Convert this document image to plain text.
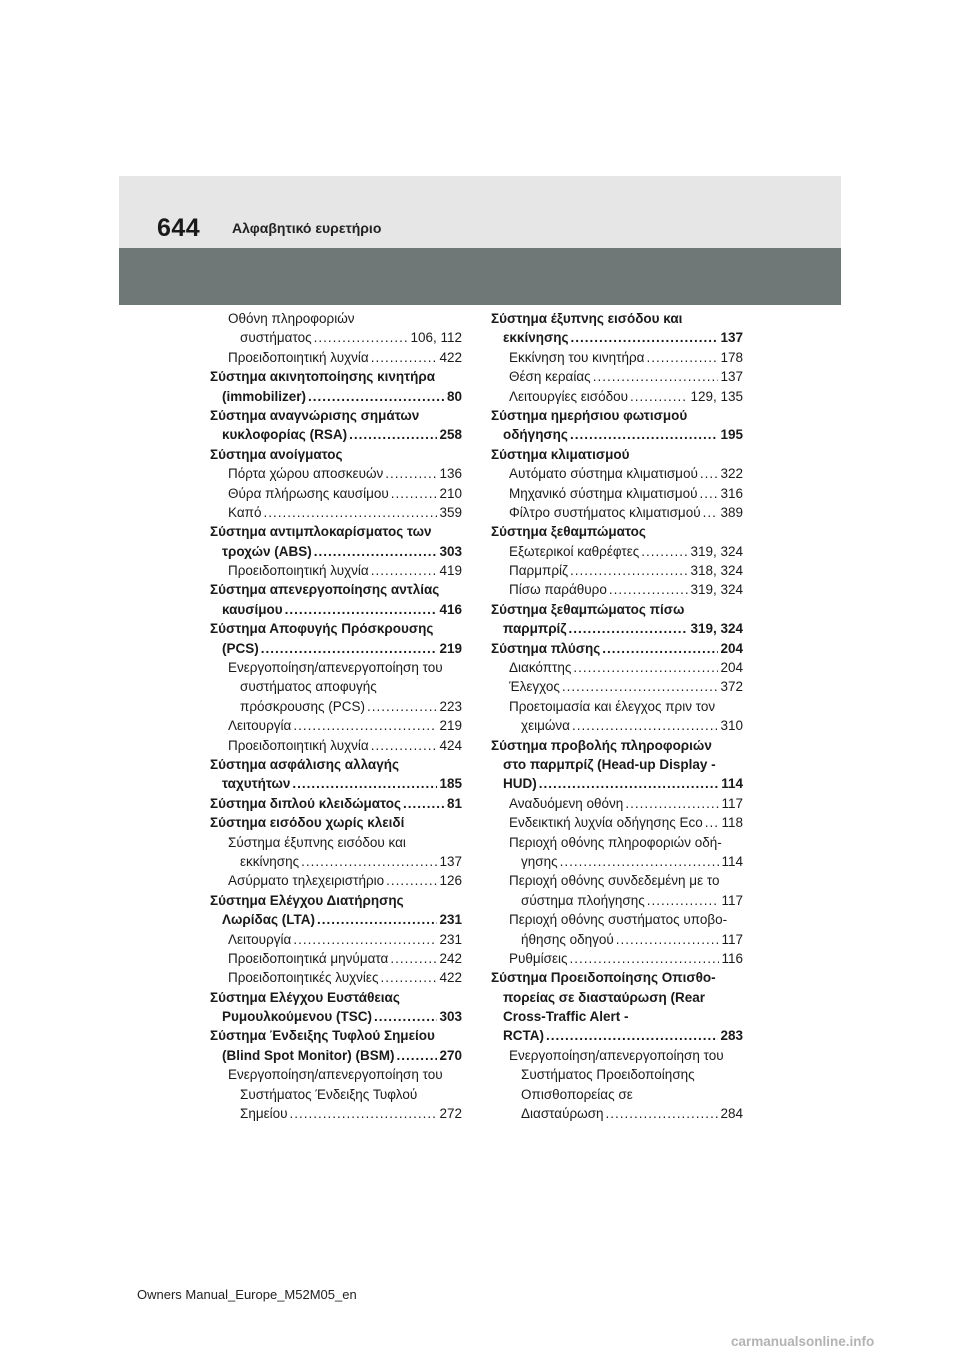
644 Αλφαβητικό ευρετήριο
Οθόνη πληροφοριών
συστήματος .....	106, 112
Προειδοποιητική λυχνία .....	422
Σύστημα ακινητοποίησης κινητήρα
(immobilizer) .....	80
Σύστημα αναγνώρισης σημάτων
κυκλοφορίας (RSA) .....	258
Σύστημα ανοίγματος
Πόρτα χώρου αποσκευών .....	136
Θύρα πλήρωσης καυσίμου .....	210
Καπό .....	359
Σύστημα αντιμπλοκαρίσματος των
τροχών (ABS) .....	303
Προειδοποιητική λυχνία .....	419
Σύστημα απενεργοποίησης αντλίας
καυσίμου .....	416
Σύστημα Αποφυγής Πρόσκρουσης
(PCS) .....	219
Ενεργοποίηση/απενεργοποίηση του
συστήματος αποφυγής
πρόσκρουσης (PCS) .....	223
Λειτουργία .....	219
Προειδοποιητική λυχνία .....	424
Σύστημα ασφάλισης αλλαγής
ταχυτήτων .....	185
Σύστημα διπλού κλειδώματος .....	81
Σύστημα εισόδου χωρίς κλειδί
Σύστημα έξυπνης εισόδου και
εκκίνησης .....	137
Ασύρματο τηλεχειριστήριο .....	126
Σύστημα Ελέγχου Διατήρησης
Λωρίδας (LTA) .....	231
Λειτουργία .....	231
Προειδοποιητικά μηνύματα .....	242
Προειδοποιητικές λυχνίες .....	422
Σύστημα Ελέγχου Ευστάθειας
Ρυμουλκούμενου (TSC) .....	303
Σύστημα Ένδειξης Τυφλού Σημείου
(Blind Spot Monitor) (BSM) .....	270
Ενεργοποίηση/απενεργοποίηση του
Συστήματος Ένδειξης Τυφλού
Σημείου .....	272
Σύστημα έξυπνης εισόδου και
εκκίνησης .....	137
Εκκίνηση του κινητήρα .....	178
Θέση κεραίας .....	137
Λειτουργίες εισόδου .....	129, 135
Σύστημα ημερήσιου φωτισμού
οδήγησης .....	195
Σύστημα κλιματισμού
Αυτόματο σύστημα κλιματισμού ..... 322
Μηχανικό σύστημα κλιματισμού ..... 316
Φίλτρο συστήματος κλιματισμού ..... 389
Σύστημα ξεθαμπώματος
Εξωτερικοί καθρέφτες .....	319, 324
Παρμπρίζ .....	318, 324
Πίσω παράθυρο .....	319, 324
Σύστημα ξεθαμπώματος πίσω
παρμπρίζ .....	319, 324
Σύστημα πλύσης .....	204
Διακόπτης .....	204
Έλεγχος .....	372
Προετοιμασία και έλεγχος πριν τον
χειμώνα .....	310
Σύστημα προβολής πληροφοριών
στο παρμπρίζ (Head-up Display -
HUD) .....	114
Αναδυόμενη οθόνη .....	117
Ενδεικτική λυχνία οδήγησης Eco ..... 118
Περιοχή οθόνης πληροφοριών οδή-
γησης .....	114
Περιοχή οθόνης συνδεδεμένη με το
σύστημα πλοήγησης .....	117
Περιοχή οθόνης συστήματος υποβο-
ήθησης οδηγού .....	117
Ρυθμίσεις .....	116
Σύστημα Προειδοποίησης Οπισθο-
πορείας σε διασταύρωση (Rear
Cross-Traffic Alert -
RCTA) .....	283
Ενεργοποίηση/απενεργοποίηση του
Συστήματος Προειδοποίησης
Οπισθοπορείας σε
Διασταύρωση .....	284
Owners Manual_Europe_M52M05_en
carmanualsonline.info
